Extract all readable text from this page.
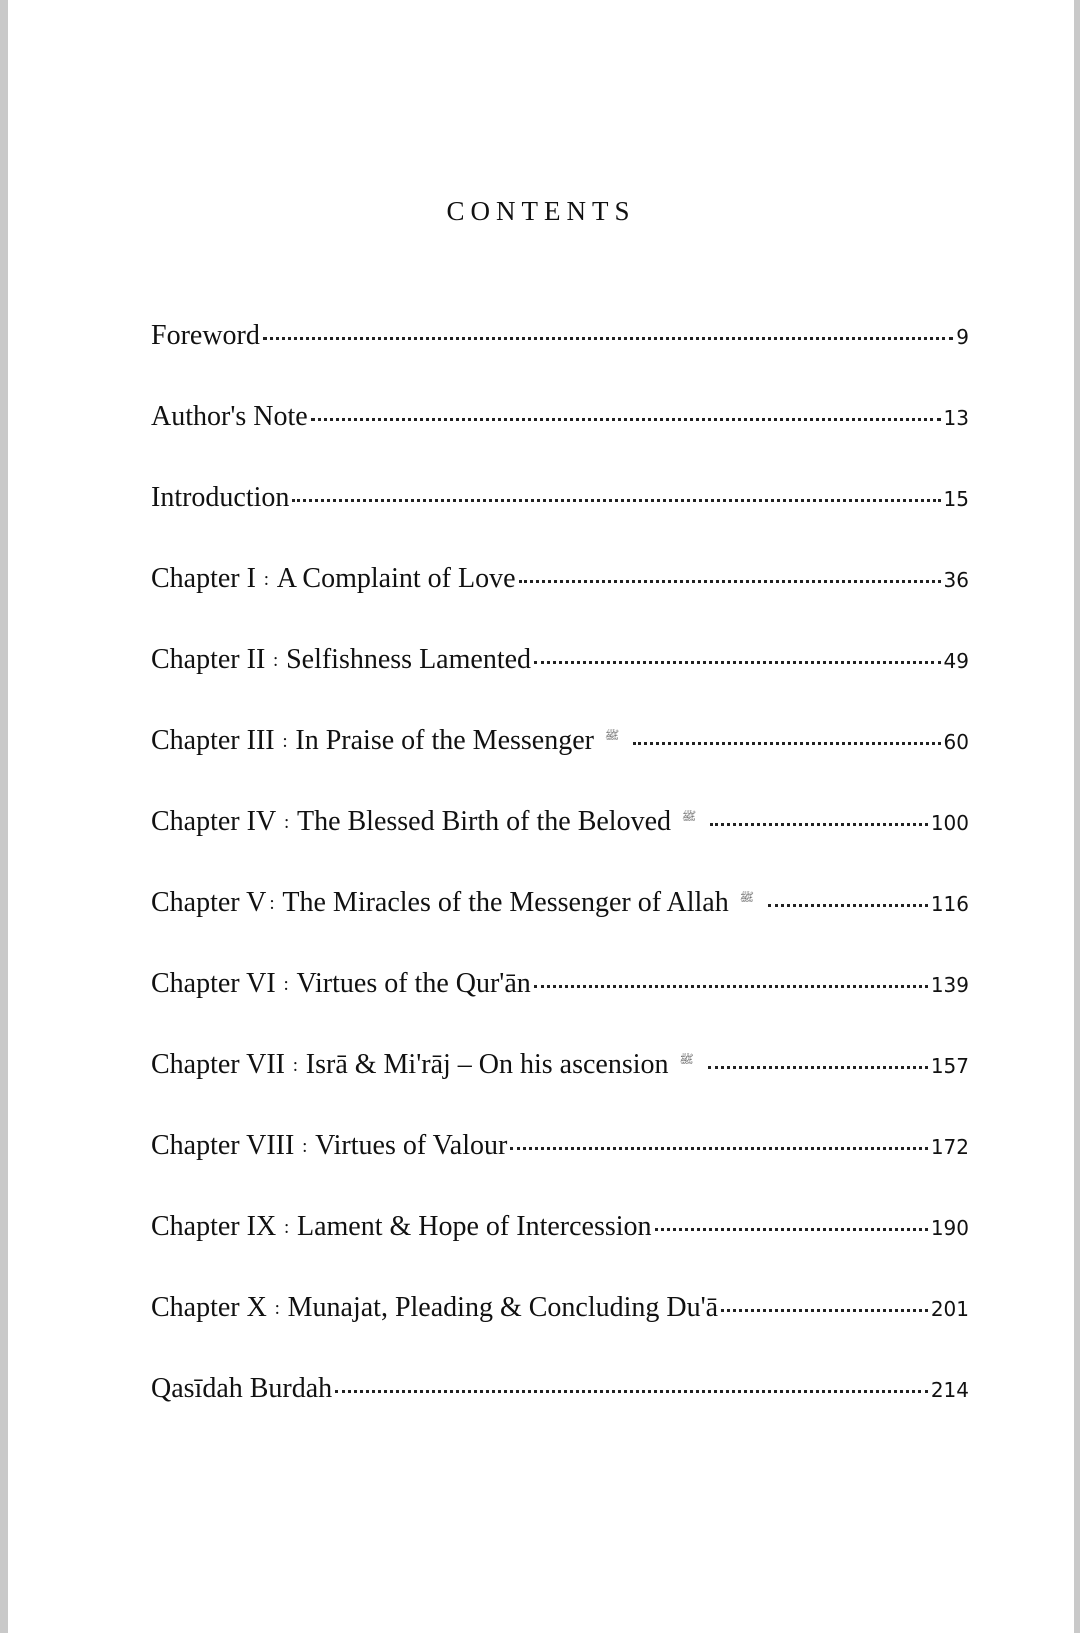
CONTENTS
Foreword	9
Author's Note	13
Introduction	15
Chapter I : A Complaint of Love	36
Chapter II : Selfishness Lamented	49
Chapter III : In Praise of the Messenger ﷺ	60
Chapter IV : The Blessed Birth of the Beloved ﷺ	100
Chapter V : The Miracles of the Messenger of Allah ﷺ	116
Chapter VI : Virtues of the Qur'ān	139
Chapter VII : Isrā & Mi'rāj – On his ascension ﷺ	157
Chapter VIII : Virtues of Valour	172
Chapter IX : Lament & Hope of Intercession	190
Chapter X : Munajat, Pleading & Concluding Du'ā	201
Qasīdah Burdah	214
